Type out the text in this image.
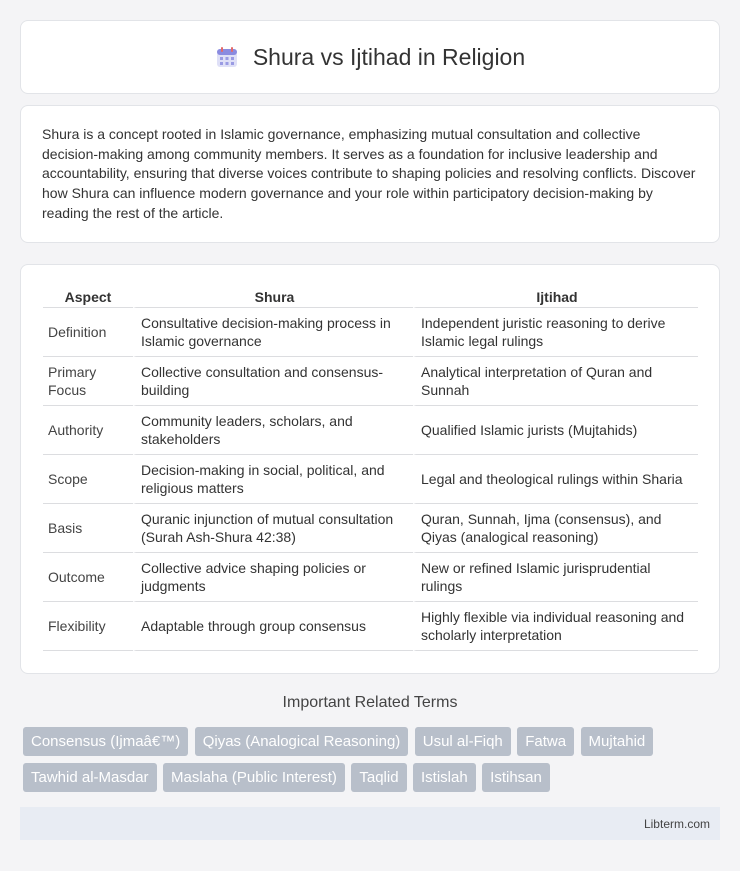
Shura vs Ijtihad in Religion

Shura is a concept rooted in Islamic governance, emphasizing mutual consultation and collective decision-making among community members. It serves as a foundation for inclusive leadership and accountability, ensuring that diverse voices contribute to shaping policies and resolving conflicts. Discover how Shura can influence modern governance and your role within participatory decision-making by reading the rest of the article.

Aspect	Shura	Ijtihad
Definition	Consultative decision-making process in Islamic governance	Independent juristic reasoning to derive Islamic legal rulings
Primary Focus	Collective consultation and consensus-building	Analytical interpretation of Quran and Sunnah
Authority	Community leaders, scholars, and stakeholders	Qualified Islamic jurists (Mujtahids)
Scope	Decision-making in social, political, and religious matters	Legal and theological rulings within Sharia
Basis	Quranic injunction of mutual consultation (Surah Ash-Shura 42:38)	Quran, Sunnah, Ijma (consensus), and Qiyas (analogical reasoning)
Outcome	Collective advice shaping policies or judgments	New or refined Islamic jurisprudential rulings
Flexibility	Adaptable through group consensus	Highly flexible via individual reasoning and scholarly interpretation
Important Related Terms
Consensus (Ijmaâ€™) Qiyas (Analogical Reasoning) Usul al-Fiqh Fatwa Mujtahid
Tawhid al-Masdar Maslaha (Public Interest) Taqlid Istislah Istihsan
Libterm.com
